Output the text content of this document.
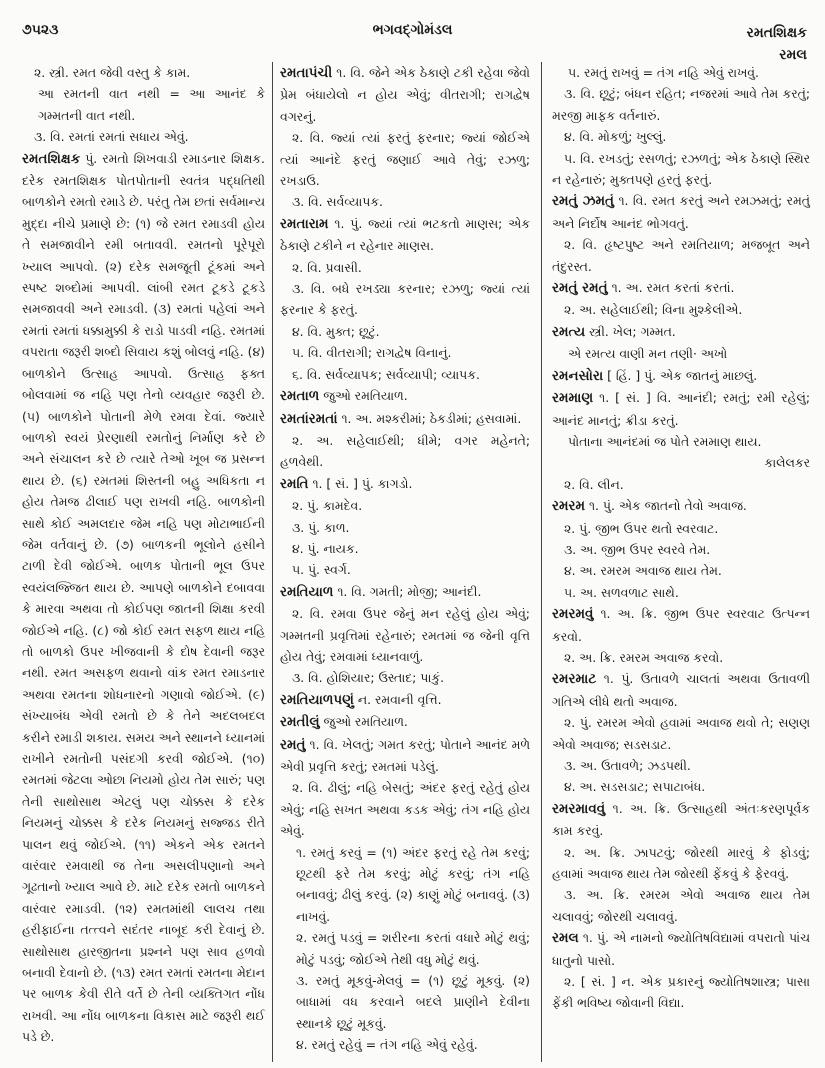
૭૫૨૩	ભગવદ્ગોમંડલ	રમતશિક્ષક
રમલ

૨. સ્ત્રી. રમત જેવી વસ્તુ કે કામ.

આ રમતની વાત નથી = આ આનંદ કે ગમ્મતની વાત નથી.

૩. વિ. રમતાં રમતાં સધાય એવું.

રમતશિક્ષક પું. રમતો શિખવાડી રમાડનાર શિક્ષક. દરેક રમતશિક્ષક પોતપોતાની સ્વતંત્ર પદ્ધતિથી બાળકોને રમતો રમાડે છે. પરંતુ તેમ છતાં સર્વમાન્ય મુદ્દા નીચે પ્રમાણે છે: (૧) જે રમત રમાડવી હોય તે સમજાવીને રમી બતાવવી. રમતનો પૂરેપૂરો ખ્યાલ આપવો. (૨) દરેક સમજૂતી ટૂંકમાં અને સ્પષ્ટ શબ્દોમાં આપવી. લાંબી રમત ટૂકડે ટૂકડે સમજાવવી અને રમાડવી. (૩) રમતાં પહેલાં અને રમતાં રમતાં ધક્કામુક્કી કે રાડો પાડવી નહિ. રમતમાં વપરાતા જરૂરી શબ્દો સિવાય કશું બોલવું નહિ. (૪) બાળકોને ઉત્સાહ આપવો. ઉત્સાહ ફક્ત બોલવામાં જ નહિ પણ તેનો વ્યવહાર જરૂરી છે. (૫) બાળકોને પોતાની મેળે રમવા દેવાં. જ્યારે બાળકો સ્વયં પ્રેરણાથી રમતોનું નિર્માણ કરે છે અને સંચાલન કરે છે ત્યારે તેઓ ખૂબ જ પ્રસન્ન થાય છે. (૬) રમતમાં શિસ્તની બહુ અધિકતા ન હોય તેમજ ઢીલાઈ પણ રાખવી નહિ. બાળકોની સાથે કોઈ અમલદાર જેમ નહિ પણ મોટાભાઈની જેમ વર્તવાનું છે. (૭) બાળકની ભૂલોને હસીને ટાળી દેવી જોઈએ. બાળક પોતાની ભૂલ ઉપર સ્વયંલજ્જિત થાય છે. આપણે બાળકોને દબાવવા કે મારવા અથવા તો કોઈપણ જાતની શિક્ષા કરવી જોઈએ નહિ. (૮) જો કોઈ રમત સફળ થાય નહિ તો બાળકો ઉપર ખીજવાની કે દોષ દેવાની જરૂર નથી. રમત અસફળ થવાનો વાંક રમત રમાડનાર અથવા રમતના શોધનારનો ગણાવો જોઈએ. (૯) સંખ્યાબંધ એવી રમતો છે કે તેને અદલબદલ કરીને રમાડી શકાય. સમય અને સ્થાનને ધ્યાનમાં રાખીને રમતોની પસંદગી કરવી જોઈએ. (૧૦) રમતમાં જેટલા ઓછા નિયમો હોય તેમ સારું; પણ તેની સાથોસાથ એટલું પણ ચોક્કસ કે દરેક નિયમનું ચોક્કસ કે દરેક નિયમનું સજ્જડ રીતે પાલન થવું જોઈએ. (૧૧) એકને એક રમતને વારંવાર રમવાથી જ તેના અસલીપણાનો અને ગૂઢતાનો ખ્યાલ આવે છે. માટે દરેક રમતો બાળકને વારંવાર રમાડવી. (૧૨) રમતમાંથી લાલચ તથા હરીફાઈના તત્ત્વને સદંતર નાબૂદ કરી દેવાનું છે. સાથોસાથ હારજીતના પ્રશ્નને પણ સાવ હળવો બનાવી દેવાનો છે. (૧૩) રમત રમતાં રમતના મેદાન પર બાળક કેવી રીતે વર્તે છે તેની વ્યક્તિગત નોંધ રાખવી. આ નોંધ બાળકના વિકાસ માટે જરૂરી થઈ પડે છે.

રમતાપંચી ૧. વિ. જેને એક ઠેકાણે ટકી રહેવા જેવો પ્રેમ બંધાયેલો ન હોય એવું; વીતરાગી; રાગદ્વેષ વગરનું.

૨. વિ. જ્યાં ત્યાં ફરતું ફરનાર; જ્યાં જોઈએ ત્યાં આનંદે ફરતું જણાઈ આવે તેવું; રઝળુ; રખડાઉ.

૩. વિ. સર્વવ્યાપક.

રમતારામ ૧. પું. જ્યાં ત્યાં ભટકતો માણસ; એક ઠેકાણે ટકીને ન રહેનાર માણસ.

૨. વિ. પ્રવાસી.

૩. વિ. બધે રખડ્યા કરનાર; રઝળુ; જ્યાં ત્યાં ફરનાર કે ફરતું.

૪. વિ. મુક્ત; છૂટું.

૫. વિ. વીતરાગી; રાગદ્વેષ વિનાનું.

૬. વિ. સર્વવ્યાપક; સર્વવ્યાપી; વ્યાપક.

રમતાળ જુઓ રમતિયાળ.

રમતાંરમતાં ૧. અ. મશ્કરીમાં; ઠેકડીમાં; હસવામાં.

૨. અ. સહેલાઈથી; ધીમે; વગર મહેનતે; હળવેથી.

રમતિ ૧. [ સં. ] પું. કાગડો.

૨. પું. કામદેવ.

૩. પું. કાળ.

૪. પું. નાયક.

૫. પું. સ્વર્ગ.

રમતિયાળ ૧. વિ. ગમતી; મોજી; આનંદી.

૨. વિ. રમવા ઉપર જેનું મન રહેલું હોય એવું; ગમ્મતની પ્રવૃત્તિમાં રહેનારું; રમતમાં જ જેની વૃત્તિ હોય તેવું; રમવામાં ધ્યાનવાળું.

૩. વિ. હોશિયાર; ઉસ્તાદ; પાકું.

રમતિયાળપણું ન. રમવાની વૃત્તિ.

રમતીલું જુઓ રમતિયાળ.

રમતું ૧. વિ. ખેલતું; ગમત કરતું; પોતાને આનંદ મળે એવી પ્રવૃત્તિ કરતું; રમતમાં પડેલું.

૨. વિ. ઢીલું; નહિ બેસતું; અંદર ફરતું રહેતું હોય એવું; નહિ સખત અથવા કડક એવું; તંગ નહિ હોય એવું.

૧. રમતું કરવું = (૧) અંદર ફરતું રહે તેમ કરવું; છૂટથી ફરે તેમ કરવું; મોટું કરવું; તંગ નહિ બનાવવું; ઢીલું કરવું. (૨) કાણું મોટું બનાવવું. (૩) નાખવું.

૨. રમતું પડવું = શરીરના કરતાં વધારે મોટું થવું; મોટું પડવું; જોઈએ તેથી વધુ મોટું થવું.

૩. રમતું મૂકવું-મેલવું = (૧) છૂટું મૂકવું. (૨) બાધામાં વધ કરવાને બદલે પ્રાણીને દેવીના સ્થાનકે છૂટું મૂકવું.

૪. રમતું રહેવું = તંગ નહિ એવું રહેવું.

૫. રમતું રાખવું = તંગ નહિ એવું રાખવું.

૩. વિ. છૂટું; બંધન રહિત; નજરમાં આવે તેમ કરતું; મરજી માફક વર્તનારું.

૪. વિ. મોકળું; ખુલ્લું.

૫. વિ. રખડતું; રસળતું; રઝળતું; એક ઠેકાણે સ્થિર ન રહેનારું; મુક્તપણે હરતું ફરતું.

રમતું ઝમતું ૧. વિ. રમત કરતું અને રમઝમતું; રમતું અને નિર્દોષ આનંદ ભોગવતું.

૨. વિ. હૃષ્ટપુષ્ટ અને રમતિયાળ; મજબૂત અને તંદુરસ્ત.

રમતું રમતું ૧. અ. રમત કરતાં કરતાં.

૨. અ. સહેલાઈથી; વિના મુશ્કેલીએ.

રમત્ય સ્ત્રી. ખેલ; ગમ્મત.

એ રમત્ય વાણી મન તણી· અખો

રમનસોરા [ હિં. ] પું. એક જાતનું માછલું.

રમમાણ ૧. [ સં. ] વિ. આનંદી; રમતું; રમી રહેલું; આનંદ માનતું; ક્રીડા કરતું.

પોતાના આનંદમાં જ પોતે રમમાણ થાય.

કાલેલકર

૨. વિ. લીન.

રમરમ ૧. પું. એક જાતનો તેવો અવાજ.

૨. પું. જીભ ઉપર થતો સ્વરવાટ.

૩. અ. જીભ ઉપર સ્વરવે તેમ.

૪. અ. રમરમ અવાજ થાય તેમ.

૫. અ. સળવળાટ સાથે.

રમરમવું ૧. અ. ક્રિ. જીભ ઉપર સ્વરવાટ ઉત્પન્ન કરવો.

૨. અ. ક્રિ. રમરમ અવાજ કરવો.

રમરમાટ ૧. પું. ઉતાવળે ચાલતાં અથવા ઉતાવળી ગતિએ લીધે થતો અવાજ.

૨. પું. રમરમ એવો હવામાં અવાજ થવો તે; સણણ એવો અવાજ; સડસડાટ.

૩. અ. ઉતાવળે; ઝડપથી.

૪. અ. સડસડાટ; સપાટાબંધ.

રમરમાવવું ૧. અ. ક્રિ. ઉત્સાહથી અંતઃકરણપૂર્વક કામ કરવું.

૨. અ. ક્રિ. ઝાપટવું; જોરથી મારવું કે ફોડવું; હવામાં અવાજ થાય તેમ જોરથી ફેંકવું કે ફેરવવું.

૩. અ. ક્રિ. રમરમ એવો અવાજ થાય તેમ ચલાવવું; જોરથી ચલાવવું.

રમલ ૧. પું. એ નામનો જ્યોતિષવિદ્યામાં વપરાતો પાંચ ધાતુનો પાસો.

૨. [ સં. ] ન. એક પ્રકારનું જ્યોતિષશાસ્ત્ર; પાસા ફેંકી ભવિષ્ય જોવાની વિદ્યા.
